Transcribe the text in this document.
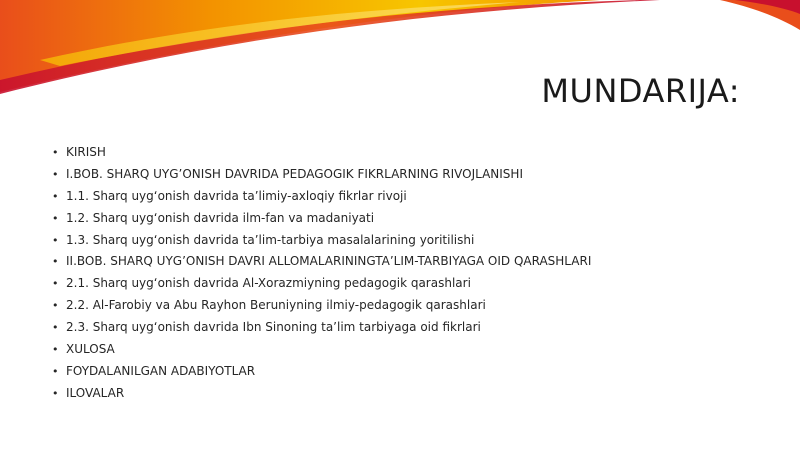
MUNDARIJA:
• KIRISH
• I.BOB. SHARQ UYG’ONISH DAVRIDA PEDAGOGIK FIKRLARNING RIVOJLANISHI
• 1.1. Sharq uyg‘onish davrida ta’limiy-axloqiy fikrlar rivoji
• 1.2. Sharq uyg‘onish davrida ilm-fan va madaniyati
• 1.3. Sharq uyg‘onish davrida ta’lim-tarbiya masalalarining yoritilishi
• II.BOB. SHARQ UYG’ONISH DAVRI ALLOMALARININGTA’LIM-TARBIYAGA OID QARASHLARI
• 2.1. Sharq uyg‘onish davrida Al-Xorazmiyning pedagogik qarashlari
• 2.2. Al-Farobiy va Abu Rayhon Beruniyning ilmiy-pedagogik qarashlari
• 2.3. Sharq uyg‘onish davrida Ibn Sinoning ta’lim tarbiyaga oid fikrlari
• XULOSA
• FOYDALANILGAN ADABIYOTLAR
• ILOVALAR
